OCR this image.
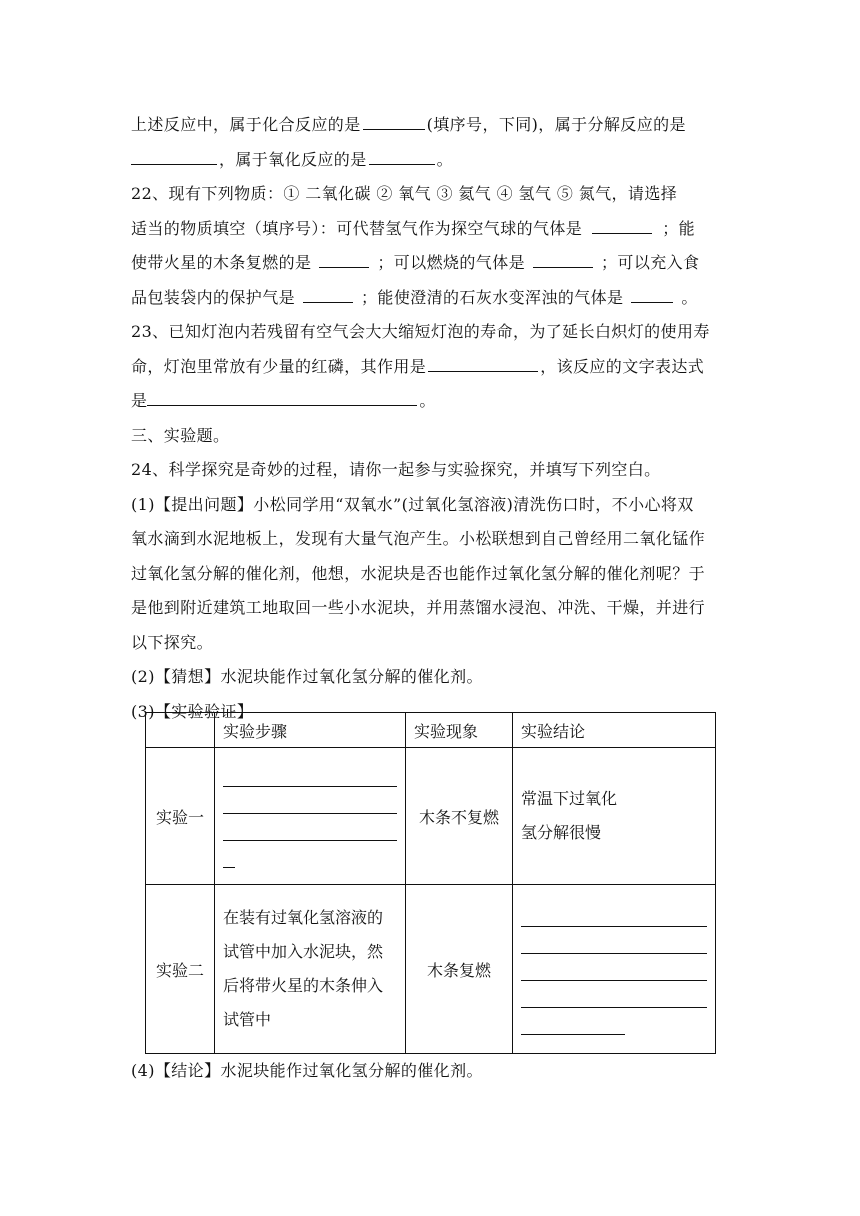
上述反应中，属于化合反应的是	(填序号，下同)，属于分解反应的是
，属于氧化反应的是	。
22、现有下列物质：① 二氧化碳 ② 氧气 ③ 氦气 ④ 氢气 ⑤ 氮气，请选择
适当的物质填空（填序号）：可代替氢气作为探空气球的气体是	；能
使带火星的木条复燃的是	；可以燃烧的气体是	；可以充入食
品包装袋内的保护气是	；能使澄清的石灰水变浑浊的气体是	。
23、已知灯泡内若残留有空气会大大缩短灯泡的寿命，为了延长白炽灯的使用寿
命，灯泡里常放有少量的红磷，其作用是	，该反应的文字表达式
是	。
三、实验题。
24、科学探究是奇妙的过程，请你一起参与实验探究，并填写下列空白。
(1)【提出问题】小松同学用“双氧水”(过氧化氢溶液)清洗伤口时，不小心将双
氧水滴到水泥地板上，发现有大量气泡产生。小松联想到自己曾经用二氧化锰作
过氧化氢分解的催化剂，他想，水泥块是否也能作过氧化氢分解的催化剂呢？于
是他到附近建筑工地取回一些小水泥块，并用蒸馏水浸泡、冲洗、干燥，并进行
以下探究。
(2)【猜想】水泥块能作过氧化氢分解的催化剂。
(3)【实验验证】
	实验步骤	实验现象	实验结论
实验一		木条不复燃	常温下过氧化
氢分解很慢

实验二	在装有过氧化氢溶液的
试管中加入水泥块，然
后将带火星的木条伸入
试管中	木条复燃	
(4)【结论】水泥块能作过氧化氢分解的催化剂。
